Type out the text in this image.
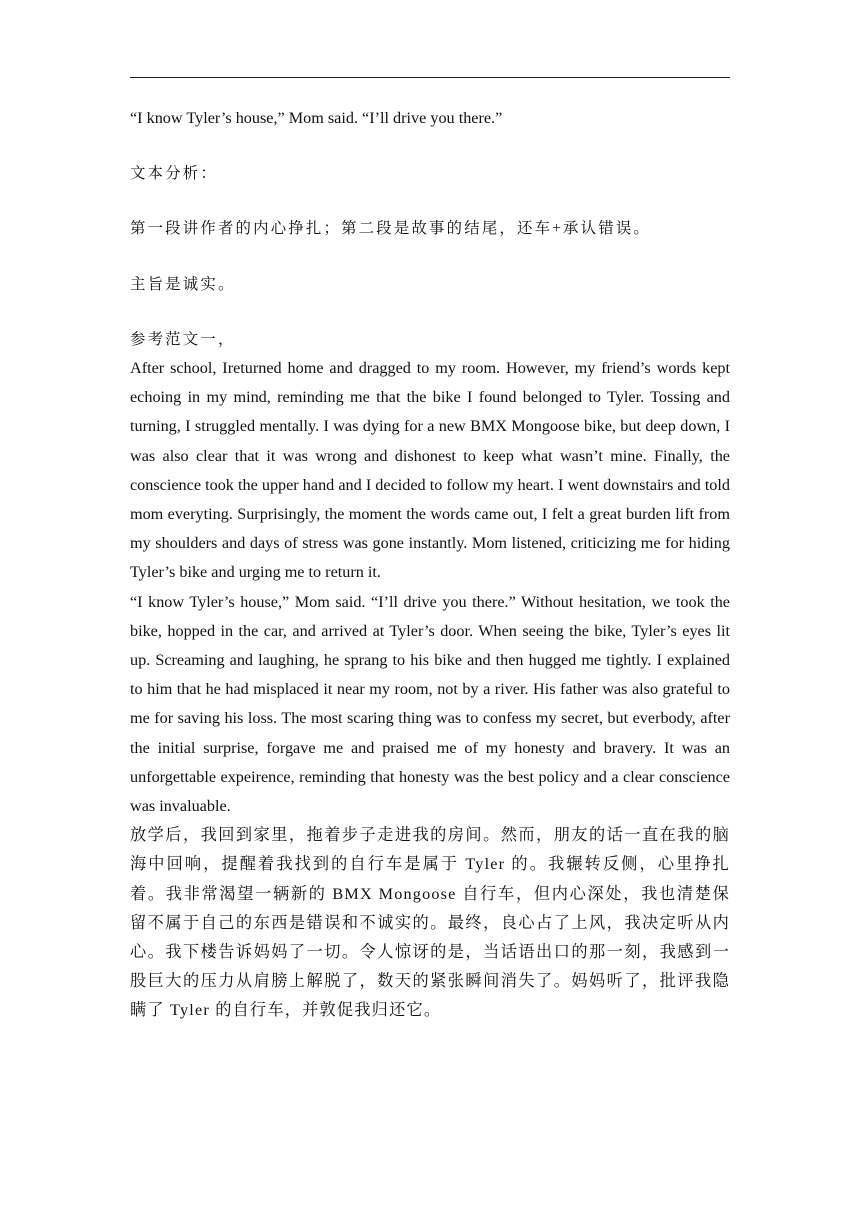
“I know Tyler’s house,” Mom said. “I’ll drive you there.”

文本分析：

第一段讲作者的内心挣扎；第二段是故事的结尾，还车+承认错误。

主旨是诚实。

参考范文一，

After school, Ireturned home and dragged to my room. However, my friend’s words kept echoing in my mind, reminding me that the bike I found belonged to Tyler. Tossing and turning, I struggled mentally. I was dying for a new BMX Mongoose bike, but deep down, I was also clear that it was wrong and dishonest to keep what wasn’t mine. Finally, the conscience took the upper hand and I decided to follow my heart. I went downstairs and told mom everyting. Surprisingly, the moment the words came out, I felt a great burden lift from my shoulders and days of stress was gone instantly. Mom listened, criticizing me for hiding Tyler’s bike and urging me to return it.

“I know Tyler’s house,” Mom said. “I’ll drive you there.” Without hesitation, we took the bike, hopped in the car, and arrived at Tyler’s door. When seeing the bike, Tyler’s eyes lit up. Screaming and laughing, he sprang to his bike and then hugged me tightly. I explained to him that he had misplaced it near my room, not by a river. His father was also grateful to me for saving his loss. The most scaring thing was to confess my secret, but everbody, after the initial surprise, forgave me and praised me of my honesty and bravery. It was an unforgettable expeirence, reminding that honesty was the best policy and a clear conscience was invaluable.

放学后，我回到家里，拖着步子走进我的房间。然而，朋友的话一直在我的脑海中回响，提醒着我找到的自行车是属于 Tyler 的。我辗转反侧，心里挣扎着。我非常渴望一辆新的 BMX Mongoose 自行车，但内心深处，我也清楚保留不属于自己的东西是错误和不诚实的。最终，良心占了上风，我决定听从内心。我下楼告诉妈妈了一切。令人惊讶的是，当话语出口的那一刻，我感到一股巨大的压力从肩膀上解脱了，数天的紧张瞬间消失了。妈妈听了，批评我隐瞒了 Tyler 的自行车，并敦促我归还它。
